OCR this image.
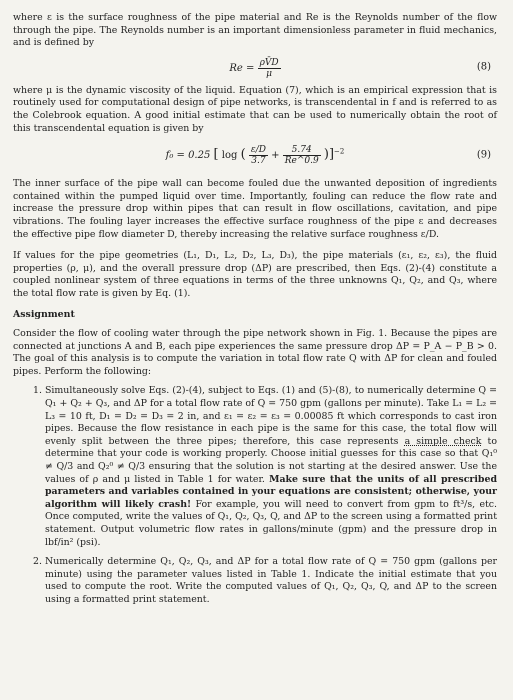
where ε is the surface roughness of the pipe material and Re is the Reynolds number of the flow through the pipe. The Reynolds number is an important dimensionless parameter in fluid mechanics, and is defined by

$Re = \frac{\rho V̄D}{\mu}$	(8)

where μ is the dynamic viscosity of the liquid. Equation (7), which is an empirical expression that is routinely used for computational design of pipe networks, is transcendental in f and is referred to as the Colebrook equation. A good initial estimate that can be used to numerically obtain the root of this transcendental equation is given by

f₀ = 0.25 [ log ( $\frac{\varepsilon/D}{3.7} + \frac{5.74}{Re\^{}0.9} )]^{-2}$	(9)

The inner surface of the pipe wall can become fouled due the unwanted deposition of ingredients contained within the pumped liquid over time. Importantly, fouling can reduce the flow rate and increase the pressure drop within pipes that can result in flow oscillations, cavitation, and pipe vibrations. The fouling layer increases the effective surface roughness of the pipe ε and decreases the effective pipe flow diameter D, thereby increasing the relative surface roughness ε/D.

If values for the pipe geometries (L₁, D₁, L₂, D₂, L₃, D₃), the pipe materials (ε₁, ε₂, ε₃), the fluid properties (ρ, μ), and the overall pressure drop (ΔP) are prescribed, then Eqs. (2)-(4) constitute a coupled nonlinear system of three equations in terms of the three unknowns Q₁, Q₂, and Q₃, where the total flow rate is given by Eq. (1).

Assignment

Consider the flow of cooling water through the pipe network shown in Fig. 1. Because the pipes are connected at junctions A and B, each pipe experiences the same pressure drop ΔP = P_A − P_B > 0. The goal of this analysis is to compute the variation in total flow rate Q with ΔP for clean and fouled pipes. Perform the following:

1. Simultaneously solve Eqs. (2)-(4), subject to Eqs. (1) and (5)-(8), to numerically determine Q = Q₁ + Q₂ + Q₃, and ΔP for a total flow rate of Q = 750 gpm (gallons per minute). Take L₁ = L₂ = L₃ = 10 ft, D₁ = D₂ = D₃ = 2 in, and ε₁ = ε₂ = ε₃ = 0.00085 ft which corresponds to cast iron pipes. Because the flow resistance in each pipe is the same for this case, the total flow will evenly split between the three pipes; therefore, this case represents a simple check to determine that your code is working properly. Choose initial guesses for this case so that Q₁⁰ ≠ Q/3 and Q₂⁰ ≠ Q/3 ensuring that the solution is not starting at the desired answer. Use the values of ρ and μ listed in Table 1 for water. Make sure that the units of all prescribed parameters and variables contained in your equations are consistent; otherwise, your algorithm will likely crash! For example, you will need to convert from gpm to ft³/s, etc. Once computed, write the values of Q₁, Q₂, Q₃, Q, and ΔP to the screen using a formatted print statement. Output volumetric flow rates in gallons/minute (gpm) and the pressure drop in lbf/in² (psi).
2. Numerically determine Q₁, Q₂, Q₃, and ΔP for a total flow rate of Q = 750 gpm (gallons per minute) using the parameter values listed in Table 1. Indicate the initial estimate that you used to compute the root. Write the computed values of Q₁, Q₂, Q₃, Q, and ΔP to the screen using a formatted print statement.
